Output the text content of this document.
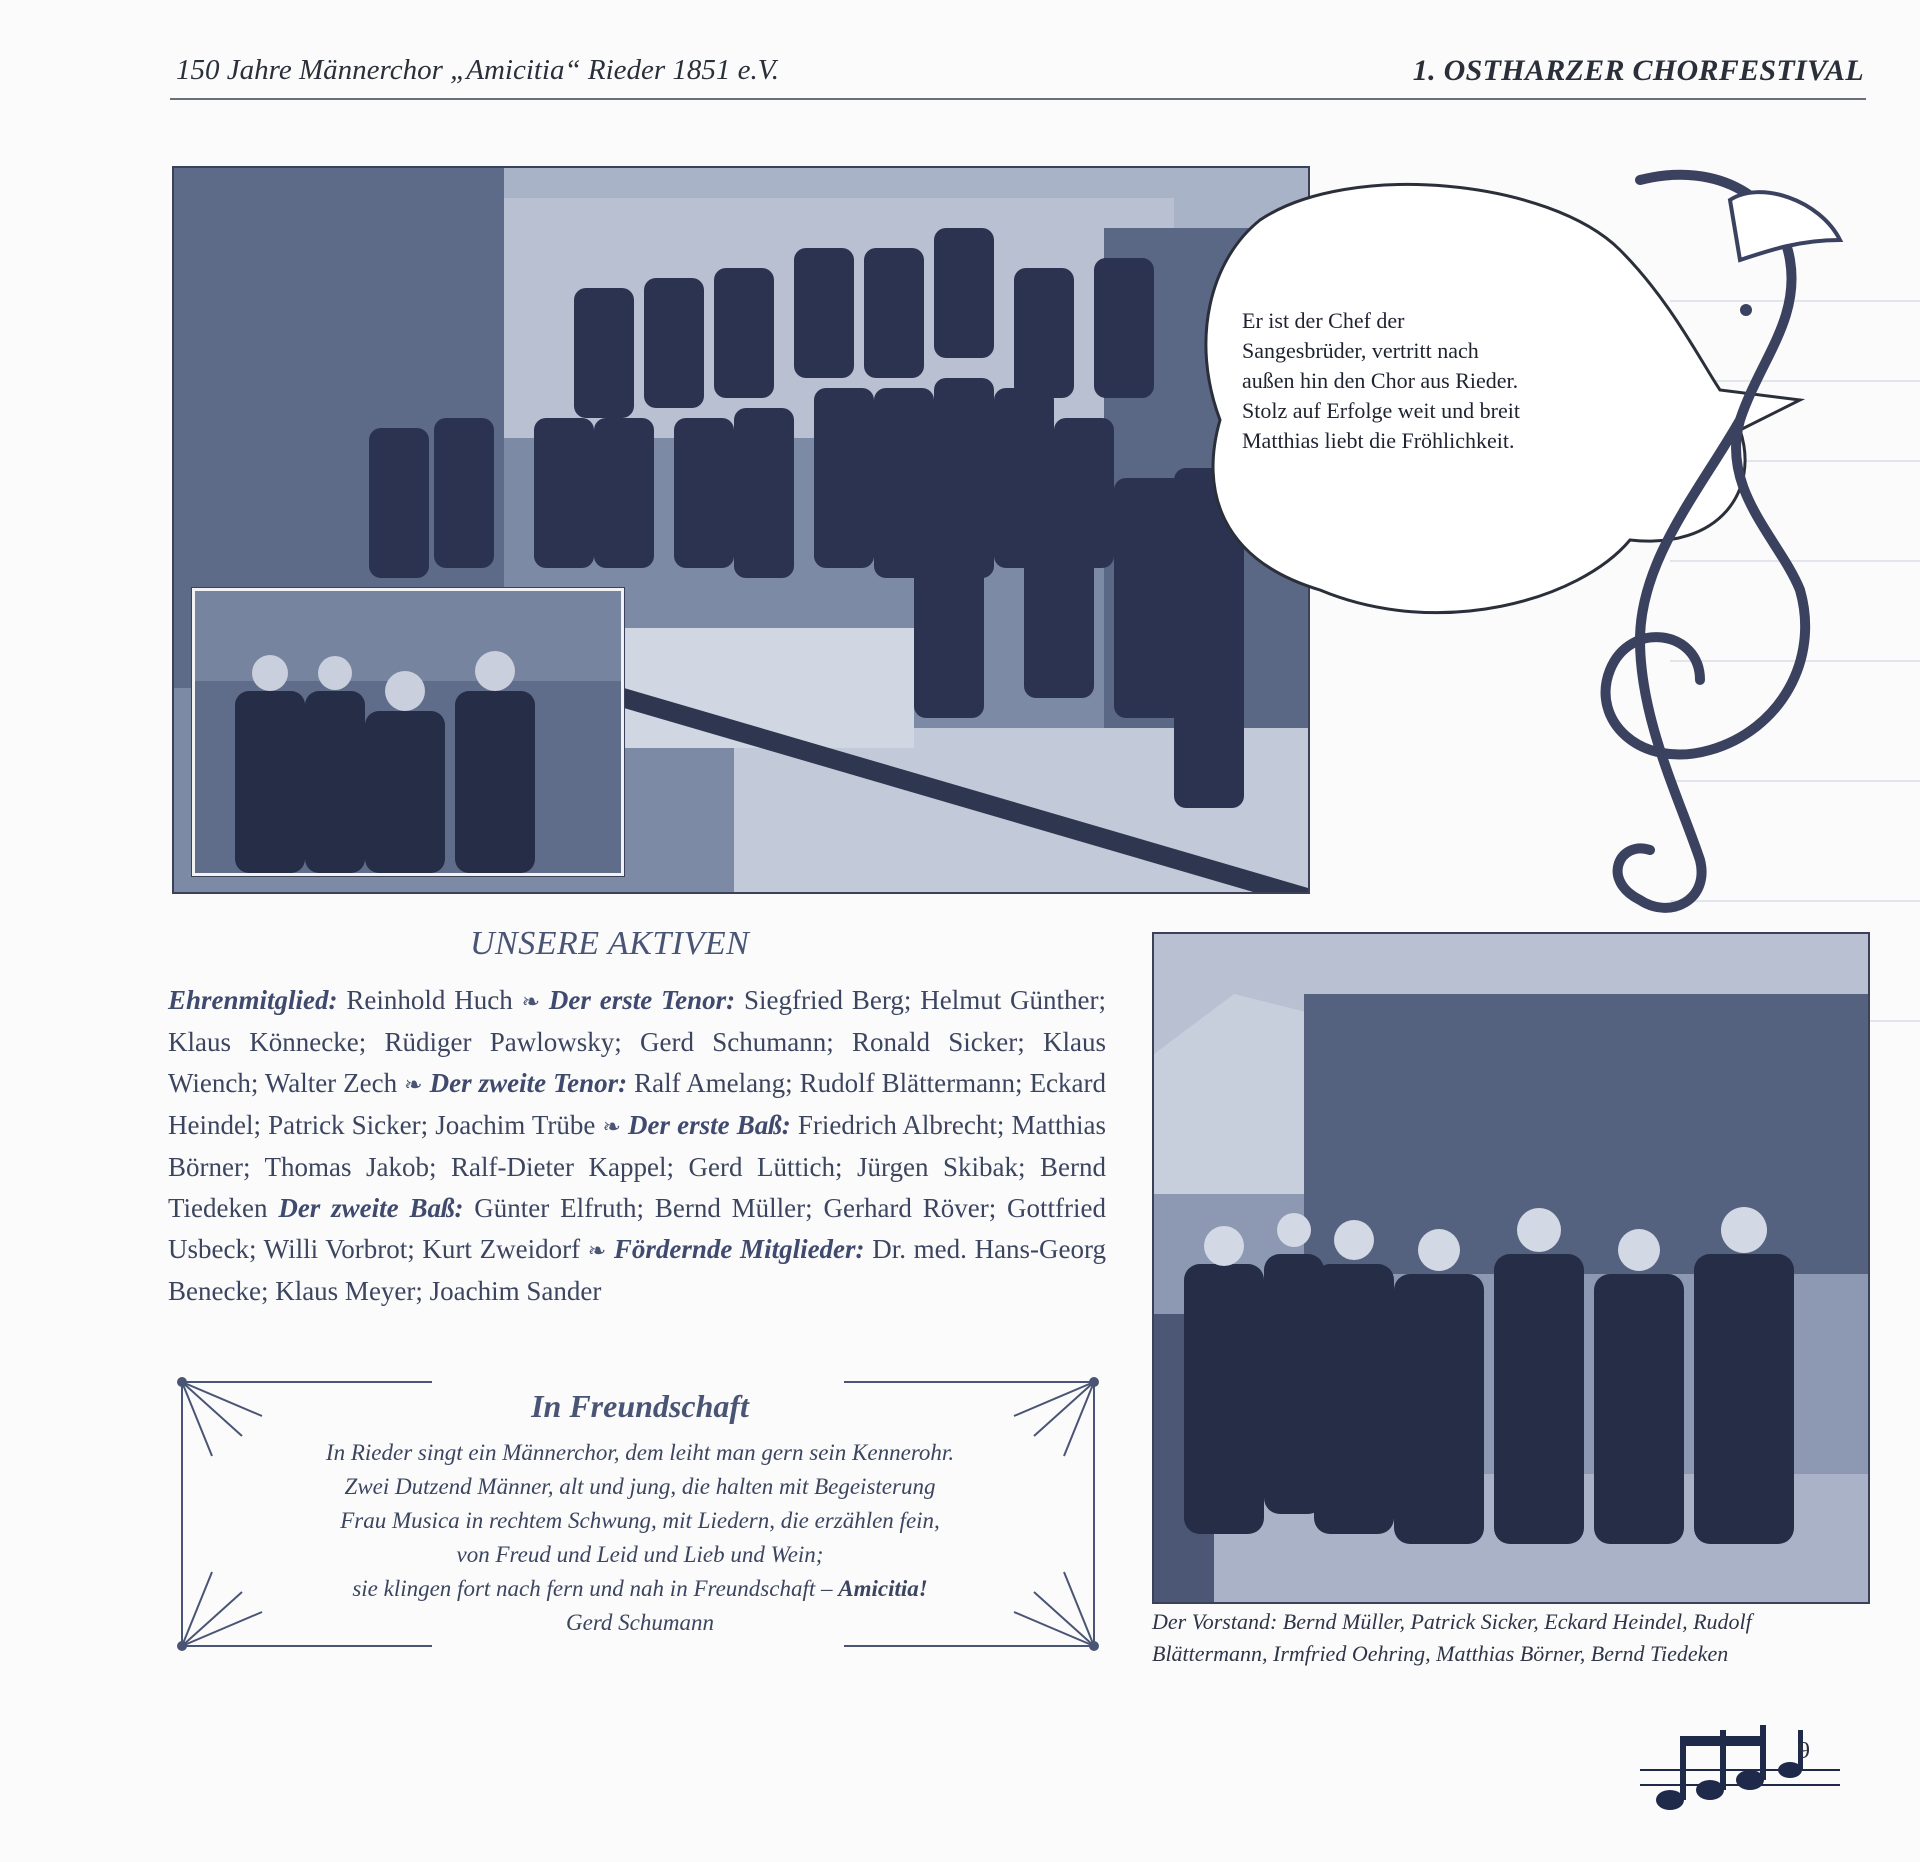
150 Jahre Männerchor „Amicitia“ Rieder 1851 e.V.	1. OSTHARZER CHORFESTIVAL
Er ist der Chef der
Sangesbrüder, vertritt nach
außen hin den Chor aus Rieder.
Stolz auf Erfolge weit und breit
Matthias liebt die Fröhlichkeit.
UNSERE AKTIVEN
Ehrenmitglied: Reinhold Huch ❧ Der erste Tenor: Siegfried Berg; Helmut Günther; Klaus Könnecke; Rüdiger Pawlowsky; Gerd Schumann; Ronald Sicker; Klaus Wiench; Walter Zech ❧ Der zweite Tenor: Ralf Amelang; Rudolf Blättermann; Eckard Heindel; Patrick Sicker; Joachim Trübe ❧ Der erste Baß: Friedrich Albrecht; Matthias Börner; Thomas Jakob; Ralf-Dieter Kappel; Gerd Lüttich; Jürgen Skibak; Bernd Tiedeken Der zweite Baß: Günter Elfruth; Bernd Müller; Gerhard Röver; Gottfried Usbeck; Willi Vorbrot; Kurt Zweidorf ❧ Fördernde Mitglieder: Dr. med. Hans-Georg Benecke; Klaus Meyer; Joachim Sander
In Freundschaft
In Rieder singt ein Männerchor, dem leiht man gern sein Kennerohr.
Zwei Dutzend Männer, alt und jung, die halten mit Begeisterung
Frau Musica in rechtem Schwung, mit Liedern, die erzählen fein,
von Freud und Leid und Lieb und Wein;
sie klingen fort nach fern und nah in Freundschaft – Amicitia!
Gerd Schumann	Der Vorstand: Bernd Müller, Patrick Sicker, Eckard Heindel, Rudolf Blättermann, Irmfried Oehring, Matthias Börner, Bernd Tiedeken
9
